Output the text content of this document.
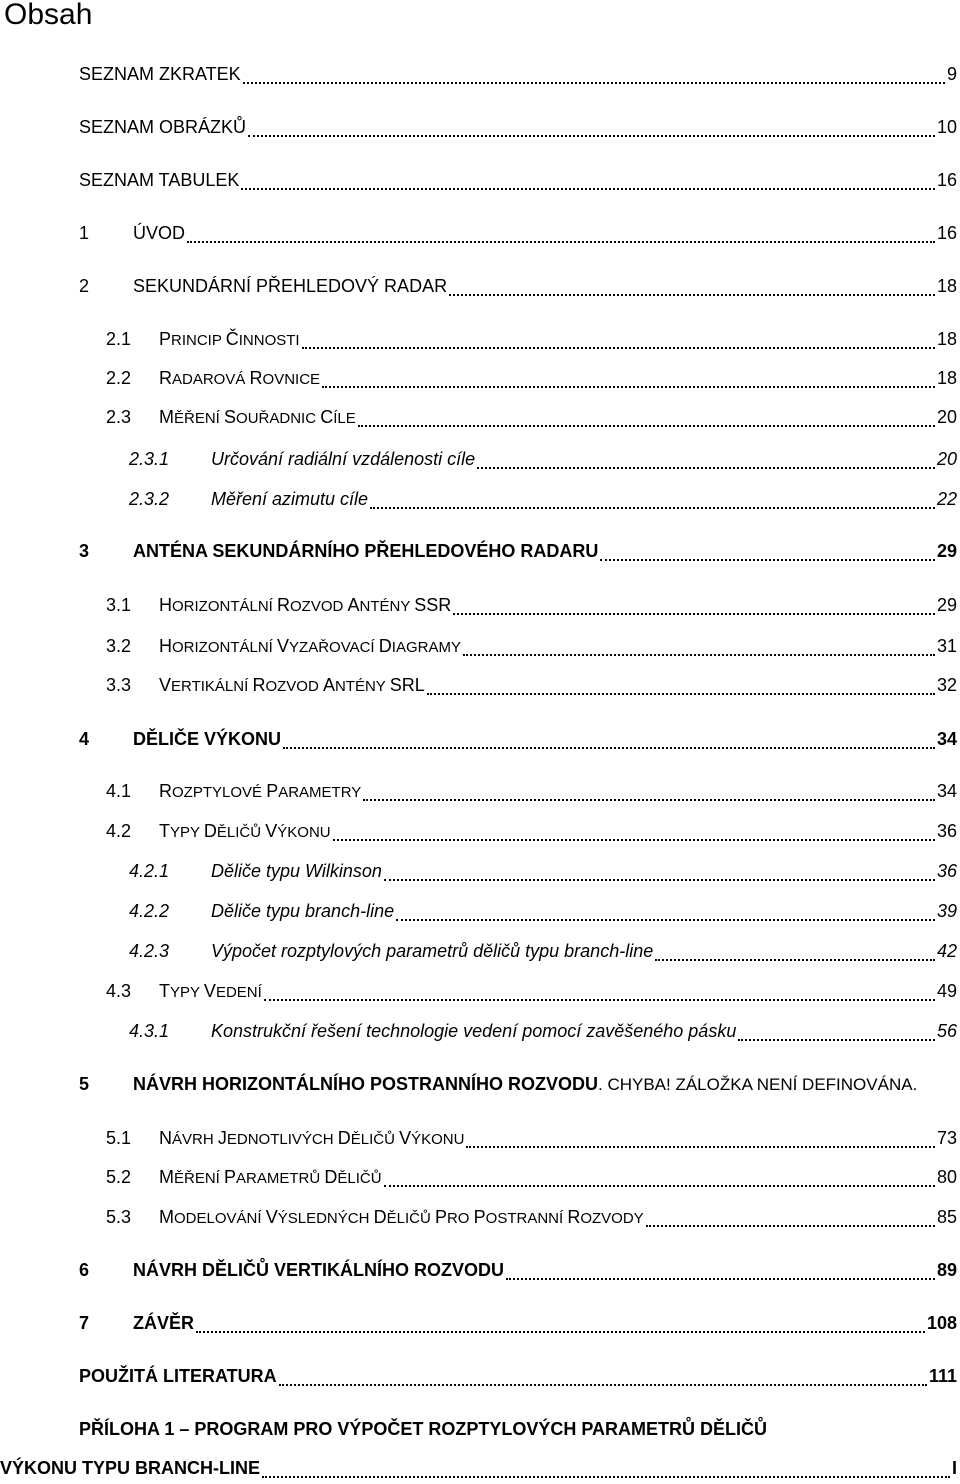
Obsah
SEZNAM ZKRATEK	9
SEZNAM OBRÁZKŮ	10
SEZNAM TABULEK	16
1	ÚVOD	16
2	SEKUNDÁRNÍ PŘEHLEDOVÝ RADAR	18
2.1	PRINCIP ČINNOSTI	18
2.2	RADAROVÁ ROVNICE	18
2.3	MĚŘENÍ SOUŘADNIC CÍLE	20
2.3.1	Určování radiální vzdálenosti cíle	20
2.3.2	Měření azimutu cíle	22
3	ANTÉNA SEKUNDÁRNÍHO PŘEHLEDOVÉHO RADARU	29
3.1	HORIZONTÁLNÍ ROZVOD ANTÉNY SSR	29
3.2	HORIZONTÁLNÍ VYZAŘOVACÍ DIAGRAMY	31
3.3	VERTIKÁLNÍ ROZVOD ANTÉNY SRL	32
4	DĚLIČE VÝKONU	34
4.1	ROZPTYLOVÉ PARAMETRY	34
4.2	TYPY DĚLIČŮ VÝKONU	36
4.2.1	Děliče typu Wilkinson	36
4.2.2	Děliče typu branch-line	39
4.2.3	Výpočet rozptylových parametrů děličů typu branch-line	42
4.3	TYPY VEDENÍ	49
4.3.1	Konstrukční řešení technologie vedení pomocí zavěšeného pásku	56
5	NÁVRH HORIZONTÁLNÍHO POSTRANNÍHO ROZVODU . CHYBA! ZÁLOŽKA NENÍ DEFINOVÁNA.
5.1	NÁVRH JEDNOTLIVÝCH DĚLIČŮ VÝKONU	73
5.2	MĚŘENÍ PARAMETRŮ DĚLIČŮ	80
5.3	MODELOVÁNÍ VÝSLEDNÝCH DĚLIČŮ PRO POSTRANNÍ ROZVODY	85
6	NÁVRH DĚLIČŮ VERTIKÁLNÍHO ROZVODU	89
7	ZÁVĚR	108
POUŽITÁ LITERATURA	111
PŘÍLOHA 1 – PROGRAM PRO VÝPOČET ROZPTYLOVÝCH PARAMETRŮ DĚLIČŮ
VÝKONU TYPU BRANCH-LINE	I
